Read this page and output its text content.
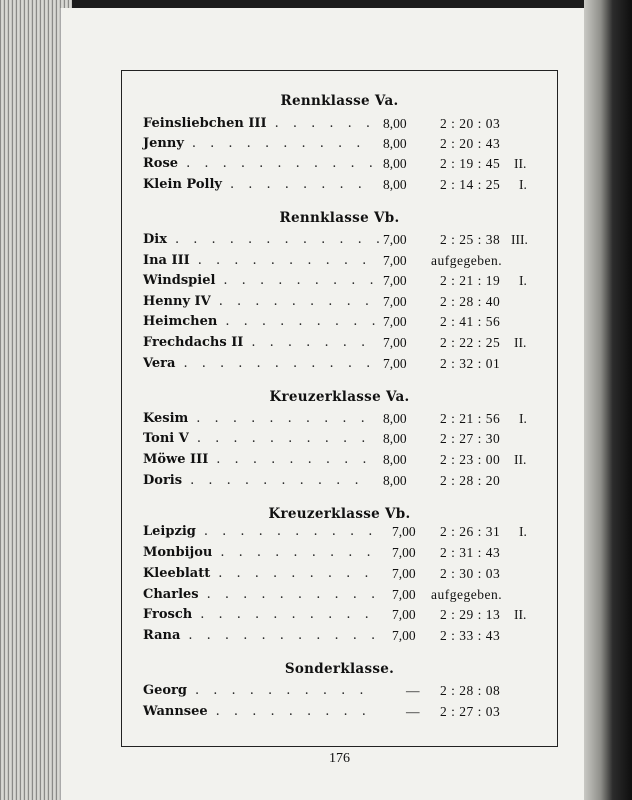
Rennklasse Va.
Feinsliebchen III . . . . . . 8,00 2 : 20 : 03
Jenny . . . . . . . . . . 8,00 2 : 20 : 43
Rose . . . . . . . . . . . 8,00 2 : 19 : 45 II.
Klein Polly . . . . . . . . 8,00 2 : 14 : 25 I.
Rennklasse Vb.
Dix . . . . . . . . . . . .
7,00 2 : 25 : 38 III.
Ina III . . . . . . . . . . 7,00 aufgegeben.
Windspiel . . . . . . . . . 7,00 2 : 21 : 19 I.
Henny IV . . . . . . . . . 7,00 2 : 28 : 40
Heimchen . . . . . . . . . 7,00 2 : 41 : 56
Frechdachs II . . . . . . . 7,00 2 : 22 : 25 II.
Vera . . . . . . . . . . . 7,00 2 : 32 : 01
Kreuzerklasse Va.
Kesim . . . . . . . . . . 8,00 2 : 21 : 56 I.
Toni V . . . . . . . . . . 8,00 2 : 27 : 30
Möwe III . . . . . . . . . 8,00 2 : 23 : 00 II.
Doris . . . . . . . . . . 8,00 2 : 28 : 20
Kreuzerklasse Vb.
Leipzig . . . . . . . . . . 7,00 2 : 26 : 31 I.
Monbijou . . . . . . . . . 7,00 2 : 31 : 43
Kleeblatt . . . . . . . . . 7,00 2 : 30 : 03
Charles . . . . . . . . . . 7,00 aufgegeben.
Frosch . . . . . . . . . . 7,00 2 : 29 : 13 II.
Rana . . . . . . . . . . . 7,00 2 : 33 : 43
Sonderklasse.
Georg . . . . . . . . . .	— 2 : 28 : 08
Wannsee . . . . . . . . .	— 2 : 27 : 03
176
